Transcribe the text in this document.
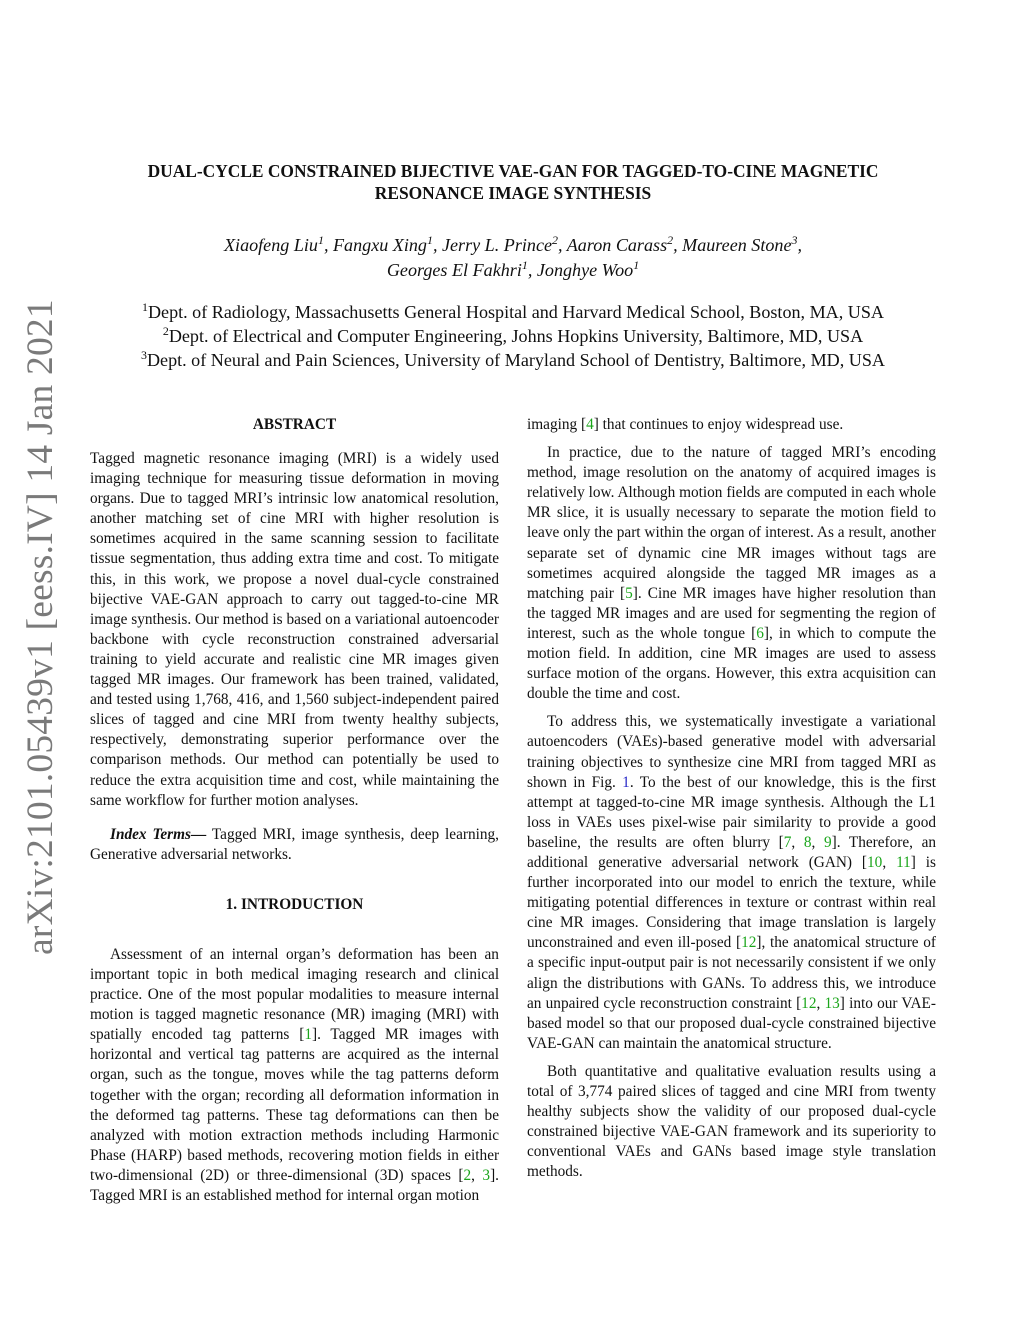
arXiv:2101.05439v1 [eess.IV] 14 Jan 2021
DUAL-CYCLE CONSTRAINED BIJECTIVE VAE-GAN FOR TAGGED-TO-CINE MAGNETIC
RESONANCE IMAGE SYNTHESIS
Xiaofeng Liu$^1$, Fangxu Xing$^1$, Jerry L. Prince$^2$, Aaron Carass$^2$, Maureen Stone$^3$,
Georges El Fakhri$^1$, Jonghye Woo$^1$
$^1$Dept. of Radiology, Massachusetts General Hospital and Harvard Medical School, Boston, MA, USA
$^2$Dept. of Electrical and Computer Engineering, Johns Hopkins University, Baltimore, MD, USA
$^3$Dept. of Neural and Pain Sciences, University of Maryland School of Dentistry, Baltimore, MD, USA
ABSTRACT

Tagged magnetic resonance imaging (MRI) is a widely used imaging technique for measuring tissue deformation in moving organs. Due to tagged MRI’s intrinsic low anatomical resolution, another matching set of cine MRI with higher resolution is sometimes acquired in the same scanning session to facilitate tissue segmentation, thus adding extra time and cost. To mitigate this, in this work, we propose a novel dual-cycle constrained bijective VAE-GAN approach to carry out tagged-to-cine MR image synthesis. Our method is based on a variational autoencoder backbone with cycle reconstruction constrained adversarial training to yield accurate and realistic cine MR images given tagged MR images. Our framework has been trained, validated, and tested using 1,768, 416, and 1,560 subject-independent paired slices of tagged and cine MRI from twenty healthy subjects, respectively, demonstrating superior performance over the comparison methods. Our method can potentially be used to reduce the extra acquisition time and cost, while maintaining the same workflow for further motion analyses.

Index Terms— Tagged MRI, image synthesis, deep learning, Generative adversarial networks.

1. INTRODUCTION

Assessment of an internal organ’s deformation has been an important topic in both medical imaging research and clinical practice. One of the most popular modalities to measure internal motion is tagged magnetic resonance (MR) imaging (MRI) with spatially encoded tag patterns [1]. Tagged MR images with horizontal and vertical tag patterns are acquired as the internal organ, such as the tongue, moves while the tag patterns deform together with the organ; recording all deformation information in the deformed tag patterns. These tag deformations can then be analyzed with motion extraction methods including Harmonic Phase (HARP) based methods, recovering motion fields in either two-dimensional (2D) or three-dimensional (3D) spaces [2, 3]. Tagged MRI is an established method for internal organ motion

imaging [4] that continues to enjoy widespread use.

In practice, due to the nature of tagged MRI’s encoding method, image resolution on the anatomy of acquired images is relatively low. Although motion fields are computed in each whole MR slice, it is usually necessary to separate the motion field to leave only the part within the organ of interest. As a result, another separate set of dynamic cine MR images without tags are sometimes acquired alongside the tagged MR images as a matching pair [5]. Cine MR images have higher resolution than the tagged MR images and are used for segmenting the region of interest, such as the whole tongue [6], in which to compute the motion field. In addition, cine MR images are used to assess surface motion of the organs. However, this extra acquisition can double the time and cost.

To address this, we systematically investigate a variational autoencoders (VAEs)-based generative model with adversarial training objectives to synthesize cine MRI from tagged MRI as shown in Fig. 1. To the best of our knowledge, this is the first attempt at tagged-to-cine MR image synthesis. Although the L1 loss in VAEs uses pixel-wise pair similarity to provide a good baseline, the results are often blurry [7, 8, 9]. Therefore, an additional generative adversarial network (GAN) [10, 11] is further incorporated into our model to enrich the texture, while mitigating potential differences in texture or contrast within real cine MR images. Considering that image translation is largely unconstrained and even ill-posed [12], the anatomical structure of a specific input-output pair is not necessarily consistent if we only align the distributions with GANs. To address this, we introduce an unpaired cycle reconstruction constraint [12, 13] into our VAE-based model so that our proposed dual-cycle constrained bijective VAE-GAN can maintain the anatomical structure.

Both quantitative and qualitative evaluation results using a total of 3,774 paired slices of tagged and cine MRI from twenty healthy subjects show the validity of our proposed dual-cycle constrained bijective VAE-GAN framework and its superiority to conventional VAEs and GANs based image style translation methods.
